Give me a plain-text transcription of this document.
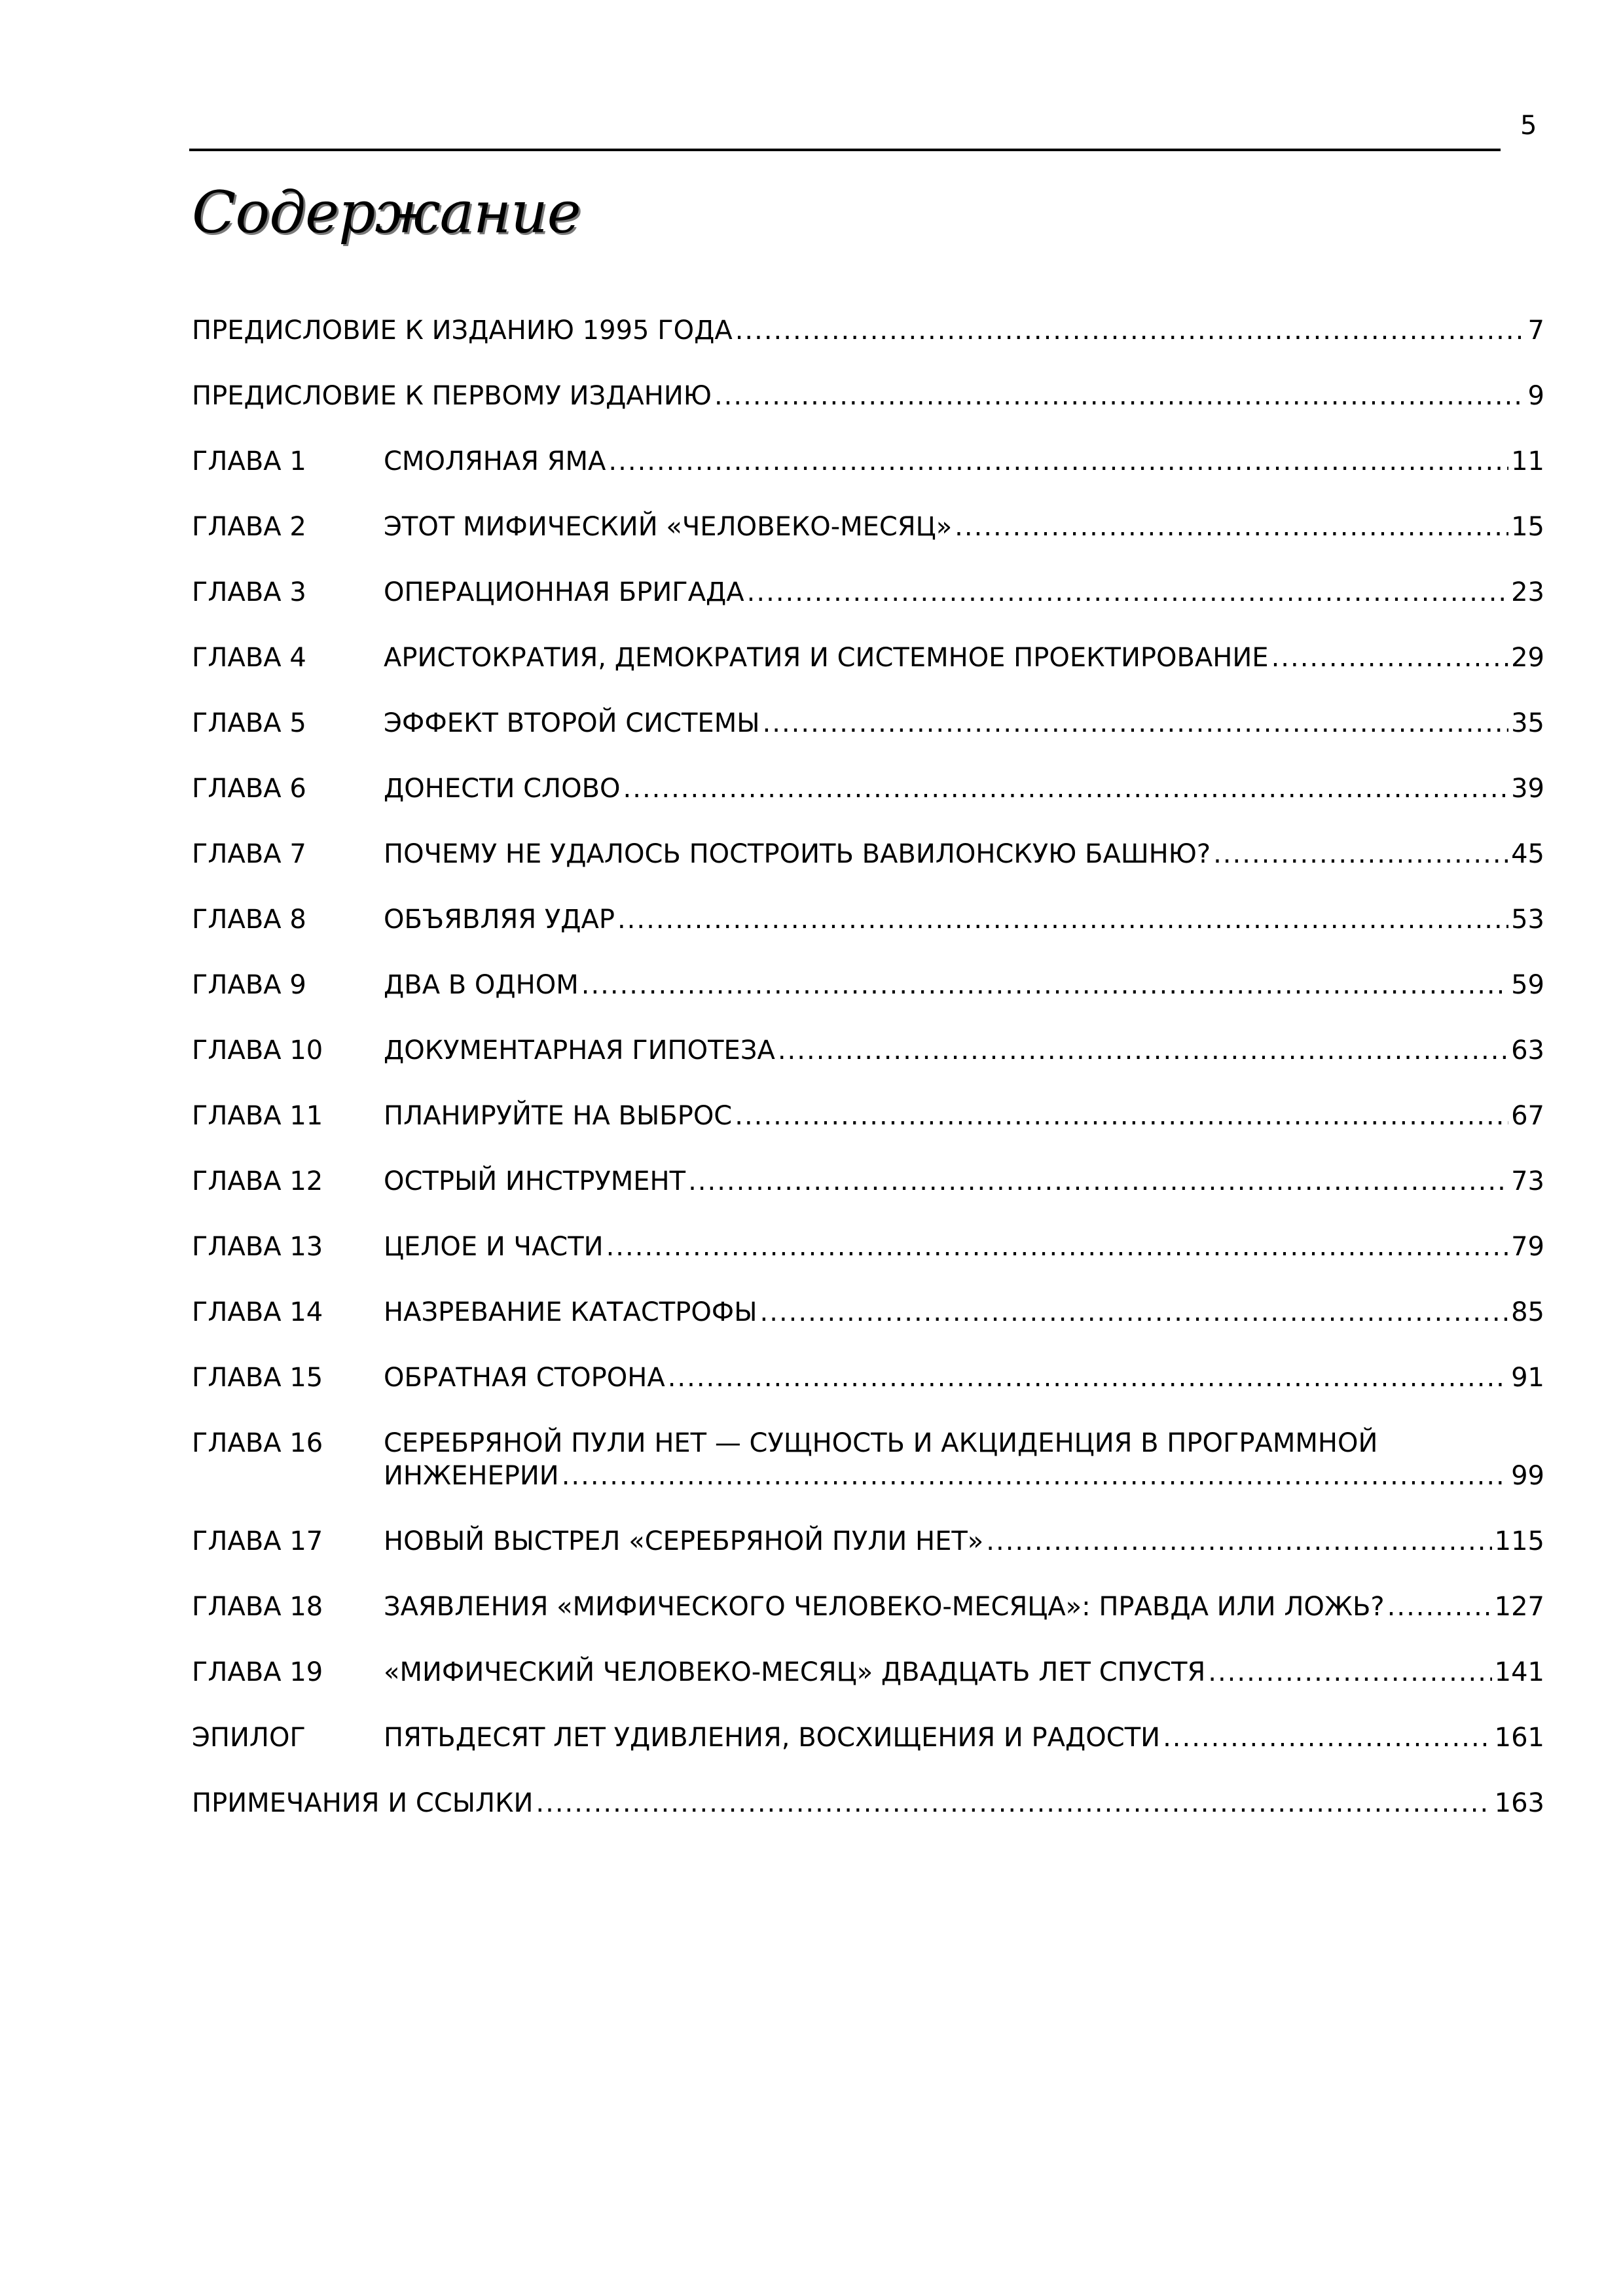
5
Содержание
ПРЕДИСЛОВИЕ К ИЗДАНИЮ 1995 ГОДА .....	7
ПРЕДИСЛОВИЕ К ПЕРВОМУ ИЗДАНИЮ .....	9
ГЛАВА 1	СМОЛЯНАЯ ЯМА .....	11
ГЛАВА 2	ЭТОТ МИФИЧЕСКИЙ «ЧЕЛОВЕКО-МЕСЯЦ» .....	15
ГЛАВА 3	ОПЕРАЦИОННАЯ БРИГАДА .....	23
ГЛАВА 4	АРИСТОКРАТИЯ, ДЕМОКРАТИЯ И СИСТЕМНОЕ ПРОЕКТИРОВАНИЕ .....	29
ГЛАВА 5	ЭФФЕКТ ВТОРОЙ СИСТЕМЫ .....	35
ГЛАВА 6	ДОНЕСТИ СЛОВО .....	39
ГЛАВА 7	ПОЧЕМУ НЕ УДАЛОСЬ ПОСТРОИТЬ ВАВИЛОНСКУЮ БАШНЮ? .....	45
ГЛАВА 8	ОБЪЯВЛЯЯ УДАР .....	53
ГЛАВА 9	ДВА В ОДНОМ .....	59
ГЛАВА 10	ДОКУМЕНТАРНАЯ ГИПОТЕЗА .....	63
ГЛАВА 11	ПЛАНИРУЙТЕ НА ВЫБРОС .....	67
ГЛАВА 12	ОСТРЫЙ ИНСТРУМЕНТ .....	73
ГЛАВА 13	ЦЕЛОЕ И ЧАСТИ .....	79
ГЛАВА 14	НАЗРЕВАНИЕ КАТАСТРОФЫ .....	85
ГЛАВА 15	ОБРАТНАЯ СТОРОНА .....	91
ГЛАВА 16	СЕРЕБРЯНОЙ ПУЛИ НЕТ — СУЩНОСТЬ И АКЦИДЕНЦИЯ В ПРОГРАММНОЙ
ИНЖЕНЕРИИ .....	99
ГЛАВА 17	НОВЫЙ ВЫСТРЕЛ «СЕРЕБРЯНОЙ ПУЛИ НЕТ» .....	115
ГЛАВА 18	ЗАЯВЛЕНИЯ «МИФИЧЕСКОГО ЧЕЛОВЕКО-МЕСЯЦА»: ПРАВДА ИЛИ ЛОЖЬ? .....	127
ГЛАВА 19	«МИФИЧЕСКИЙ ЧЕЛОВЕКО-МЕСЯЦ» ДВАДЦАТЬ ЛЕТ СПУСТЯ .....	141
ЭПИЛОГ	ПЯТЬДЕСЯТ ЛЕТ УДИВЛЕНИЯ, ВОСХИЩЕНИЯ И РАДОСТИ .....	161
ПРИМЕЧАНИЯ И ССЫЛКИ .....	163
